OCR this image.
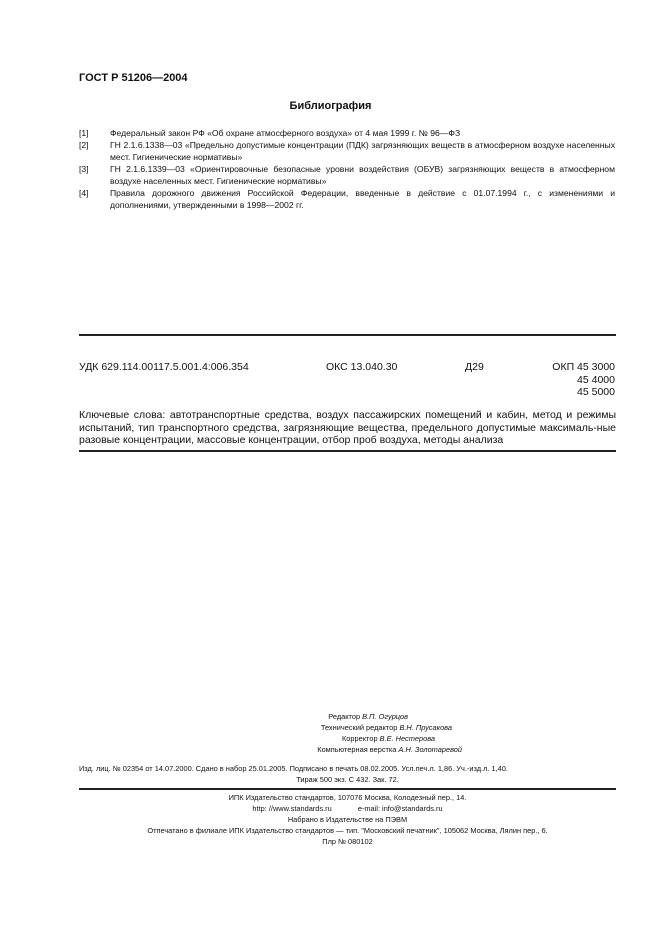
ГОСТ Р 51206—2004
Библиография
[1] Федеральный закон РФ «Об охране атмосферного воздуха» от 4 мая 1999 г. № 96—ФЗ
[2] ГН 2.1.6.1338—03 «Предельно допустимые концентрации (ПДК) загрязняющих веществ в атмосферном воздухе населенных мест. Гигиенические нормативы»
[3] ГН 2.1.6.1339—03 «Ориентировочные безопасные уровни воздействия (ОБУВ) загрязняющих веществ в атмосферном воздухе населенных мест. Гигиенические нормативы»
[4] Правила дорожного движения Российской Федерации, введенные в действие с 01.07.1994 г., с изменениями и дополнениями, утвержденными в 1998—2002 гг.
УДК 629.114.00117.5.001.4:006.354	ОКС 13.040.30	Д29	ОКП 45 3000
45 4000
45 5000
Ключевые слова: автотранспортные средства, воздух пассажирских помещений и кабин, метод и режимы испытаний, тип транспортного средства, загрязняющие вещества, предельного допустимые максималь-ные разовые концентрации, массовые концентрации, отбор проб воздуха, методы анализа
Редактор В.П. Огурцов
Технический редактор В.Н. Прусакова
Корректор В.Е. Нестерова
Компьютерная верстка А.Н. Золотаревой
Изд. лиц. № 02354 от 14.07.2000. Сдано в набор 25.01.2005. Подписано в печать 08.02.2005. Усл.печ.л. 1,86. Уч.-изд.л. 1,40.
Тираж 500 экз. С 432. Зак. 72.
ИПК Издательство стандартов, 107076 Москва, Колодезный пер., 14.
http: //www.standards.ru	e-mail: info@standards.ru
Набрано в Издательстве на ПЭВМ
Отпечатано в филиале ИПК Издательство стандартов — тип. "Московский печатник", 105062 Москва, Лялин пер., 6.
Плр № 080102
